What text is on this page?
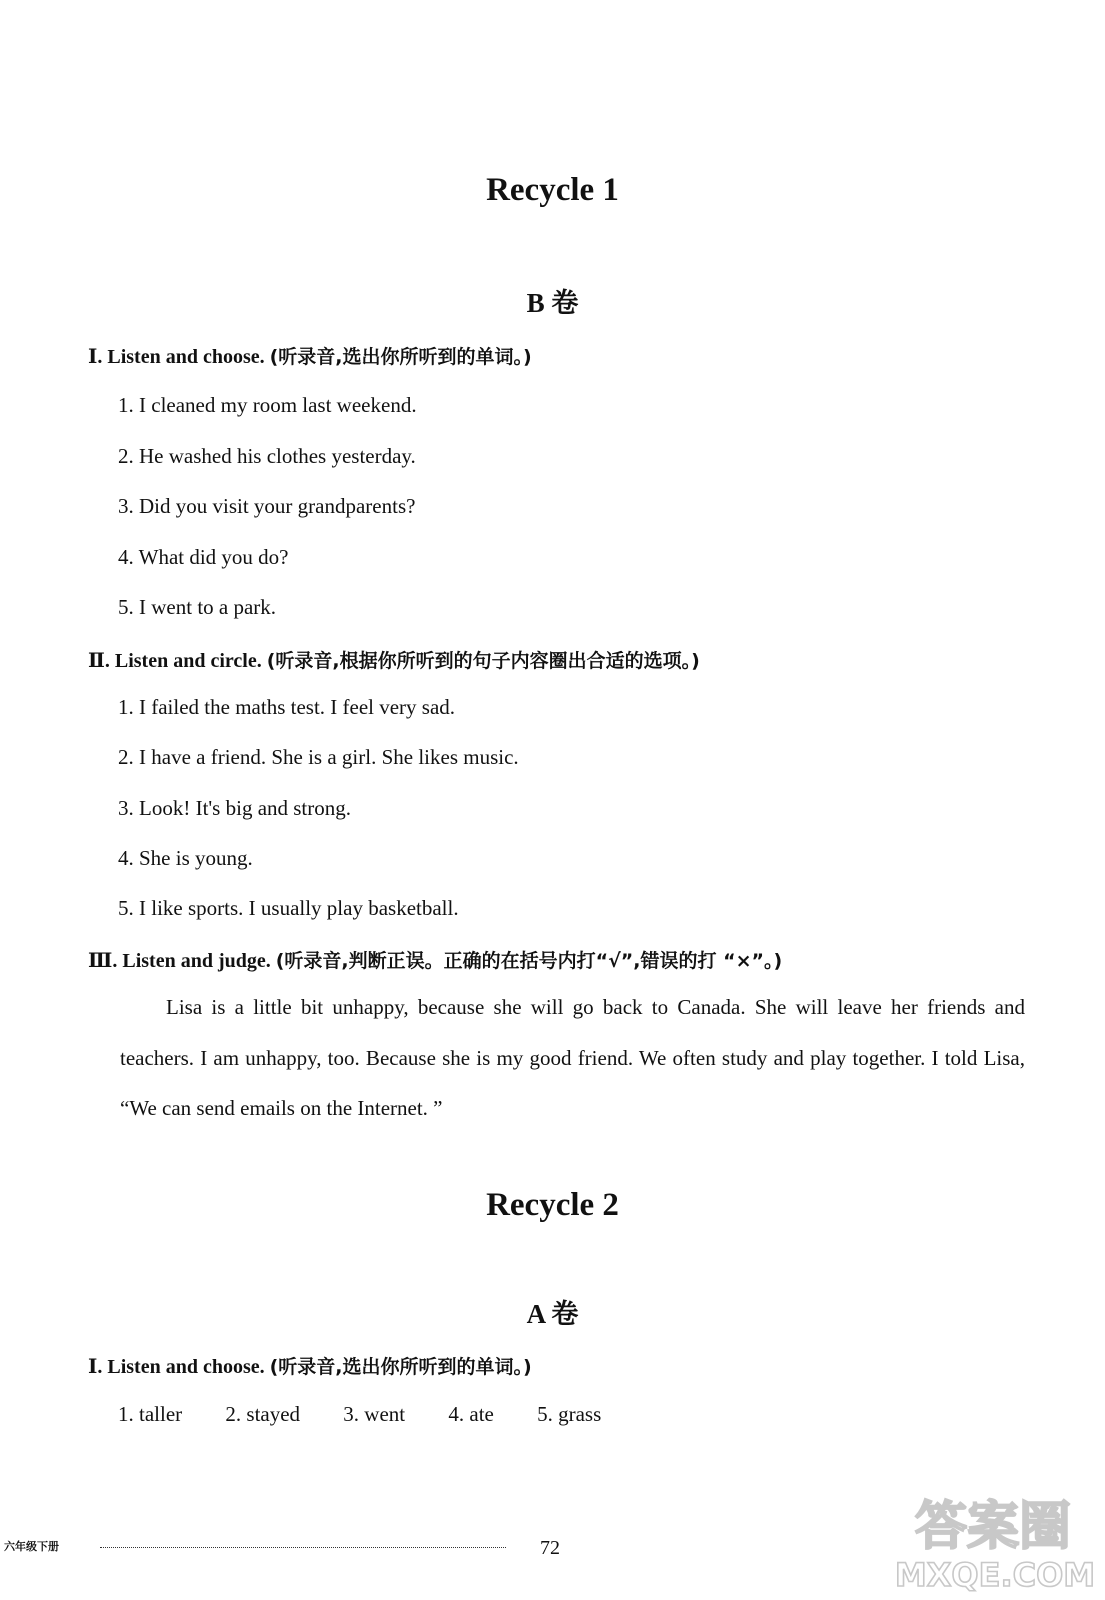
Recycle 1
B 卷
Ⅰ. Listen and choose. (听录音,选出你所听到的单词。)
1. I cleaned my room last weekend.
2. He washed his clothes yesterday.
3. Did you visit your grandparents?
4. What did you do?
5. I went to a park.
Ⅱ. Listen and circle. (听录音,根据你所听到的句子内容圈出合适的选项。)
1. I failed the maths test. I feel very sad.
2. I have a friend. She is a girl. She likes music.
3. Look! It's big and strong.
4. She is young.
5. I like sports. I usually play basketball.
Ⅲ. Listen and judge. (听录音,判断正误。正确的在括号内打“√”,错误的打 “×”。)
Lisa is a little bit unhappy, because she will go back to Canada. She will leave her friends and teachers. I am unhappy, too. Because she is my good friend. We often study and play together. I told Lisa, “We can send emails on the Internet. ”
Recycle 2
A 卷
Ⅰ. Listen and choose. (听录音,选出你所听到的单词。)
1. taller 2. stayed 3. went 4. ate 5. grass
六年级下册	72	答案圈
MXQE.COM
